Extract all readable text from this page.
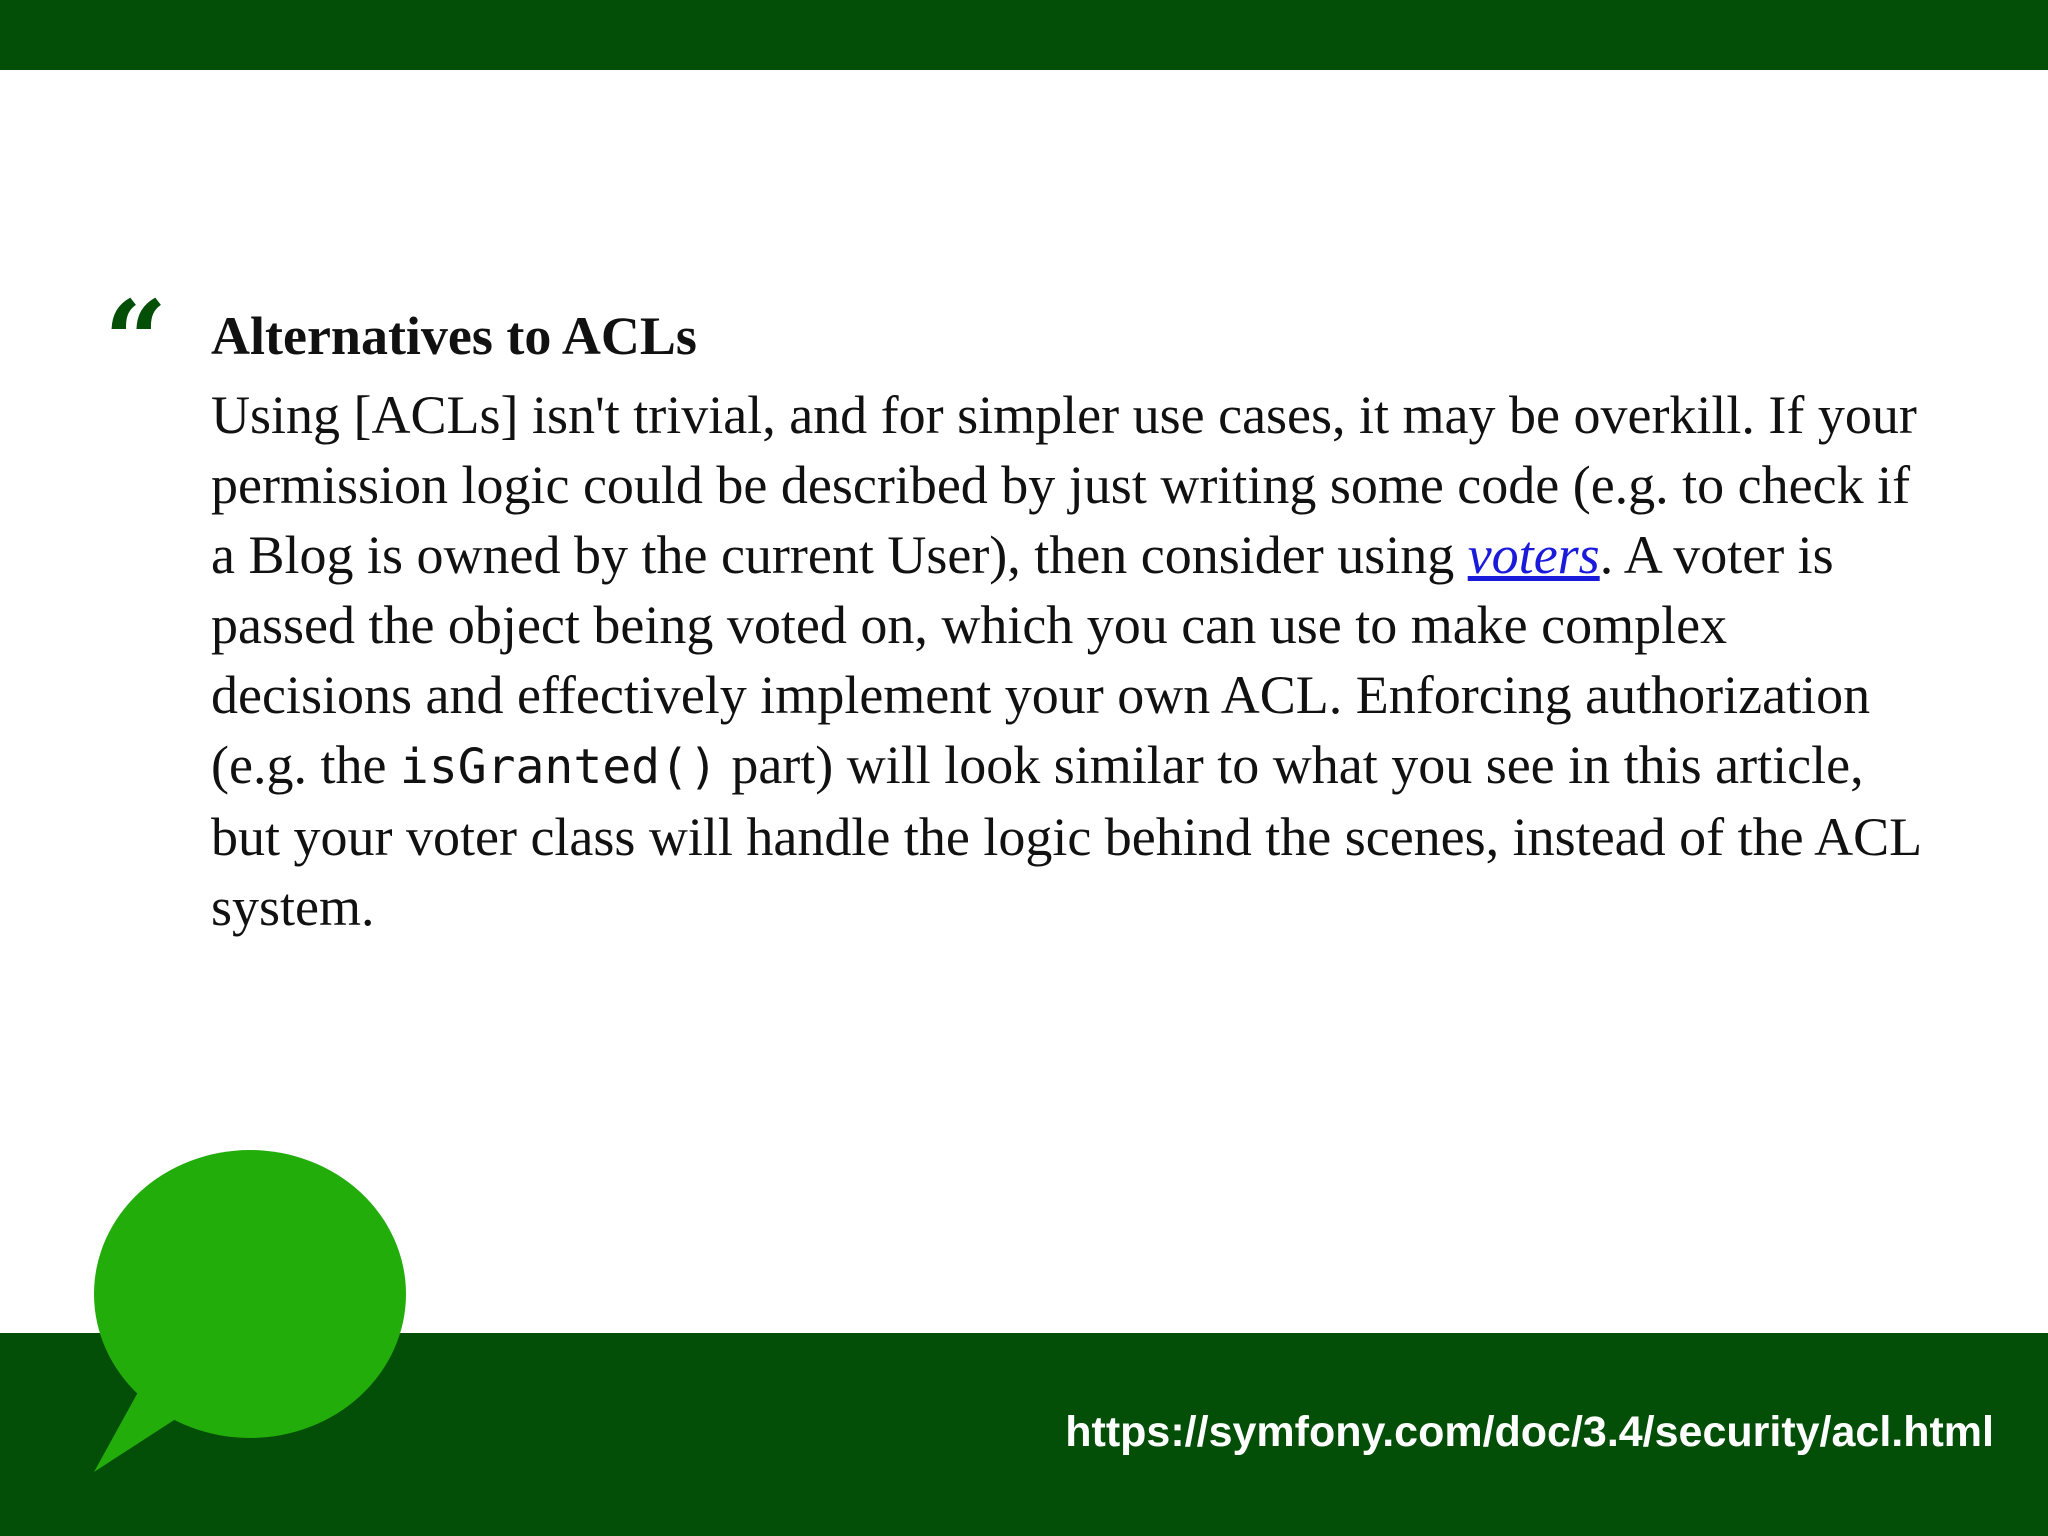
“ Alternatives to ACLs

Using [ACLs] isn't trivial, and for simpler use cases, it may be overkill. If your permission logic could be described by just writing some code (e.g. to check if a Blog is owned by the current User), then consider using voters. A voter is passed the object being voted on, which you can use to make complex decisions and effectively implement your own ACL. Enforcing authorization (e.g. the isGranted() part) will look similar to what you see in this article, but your voter class will handle the logic behind the scenes, instead of the ACL system.

https://symfony.com/doc/3.4/security/acl.html
